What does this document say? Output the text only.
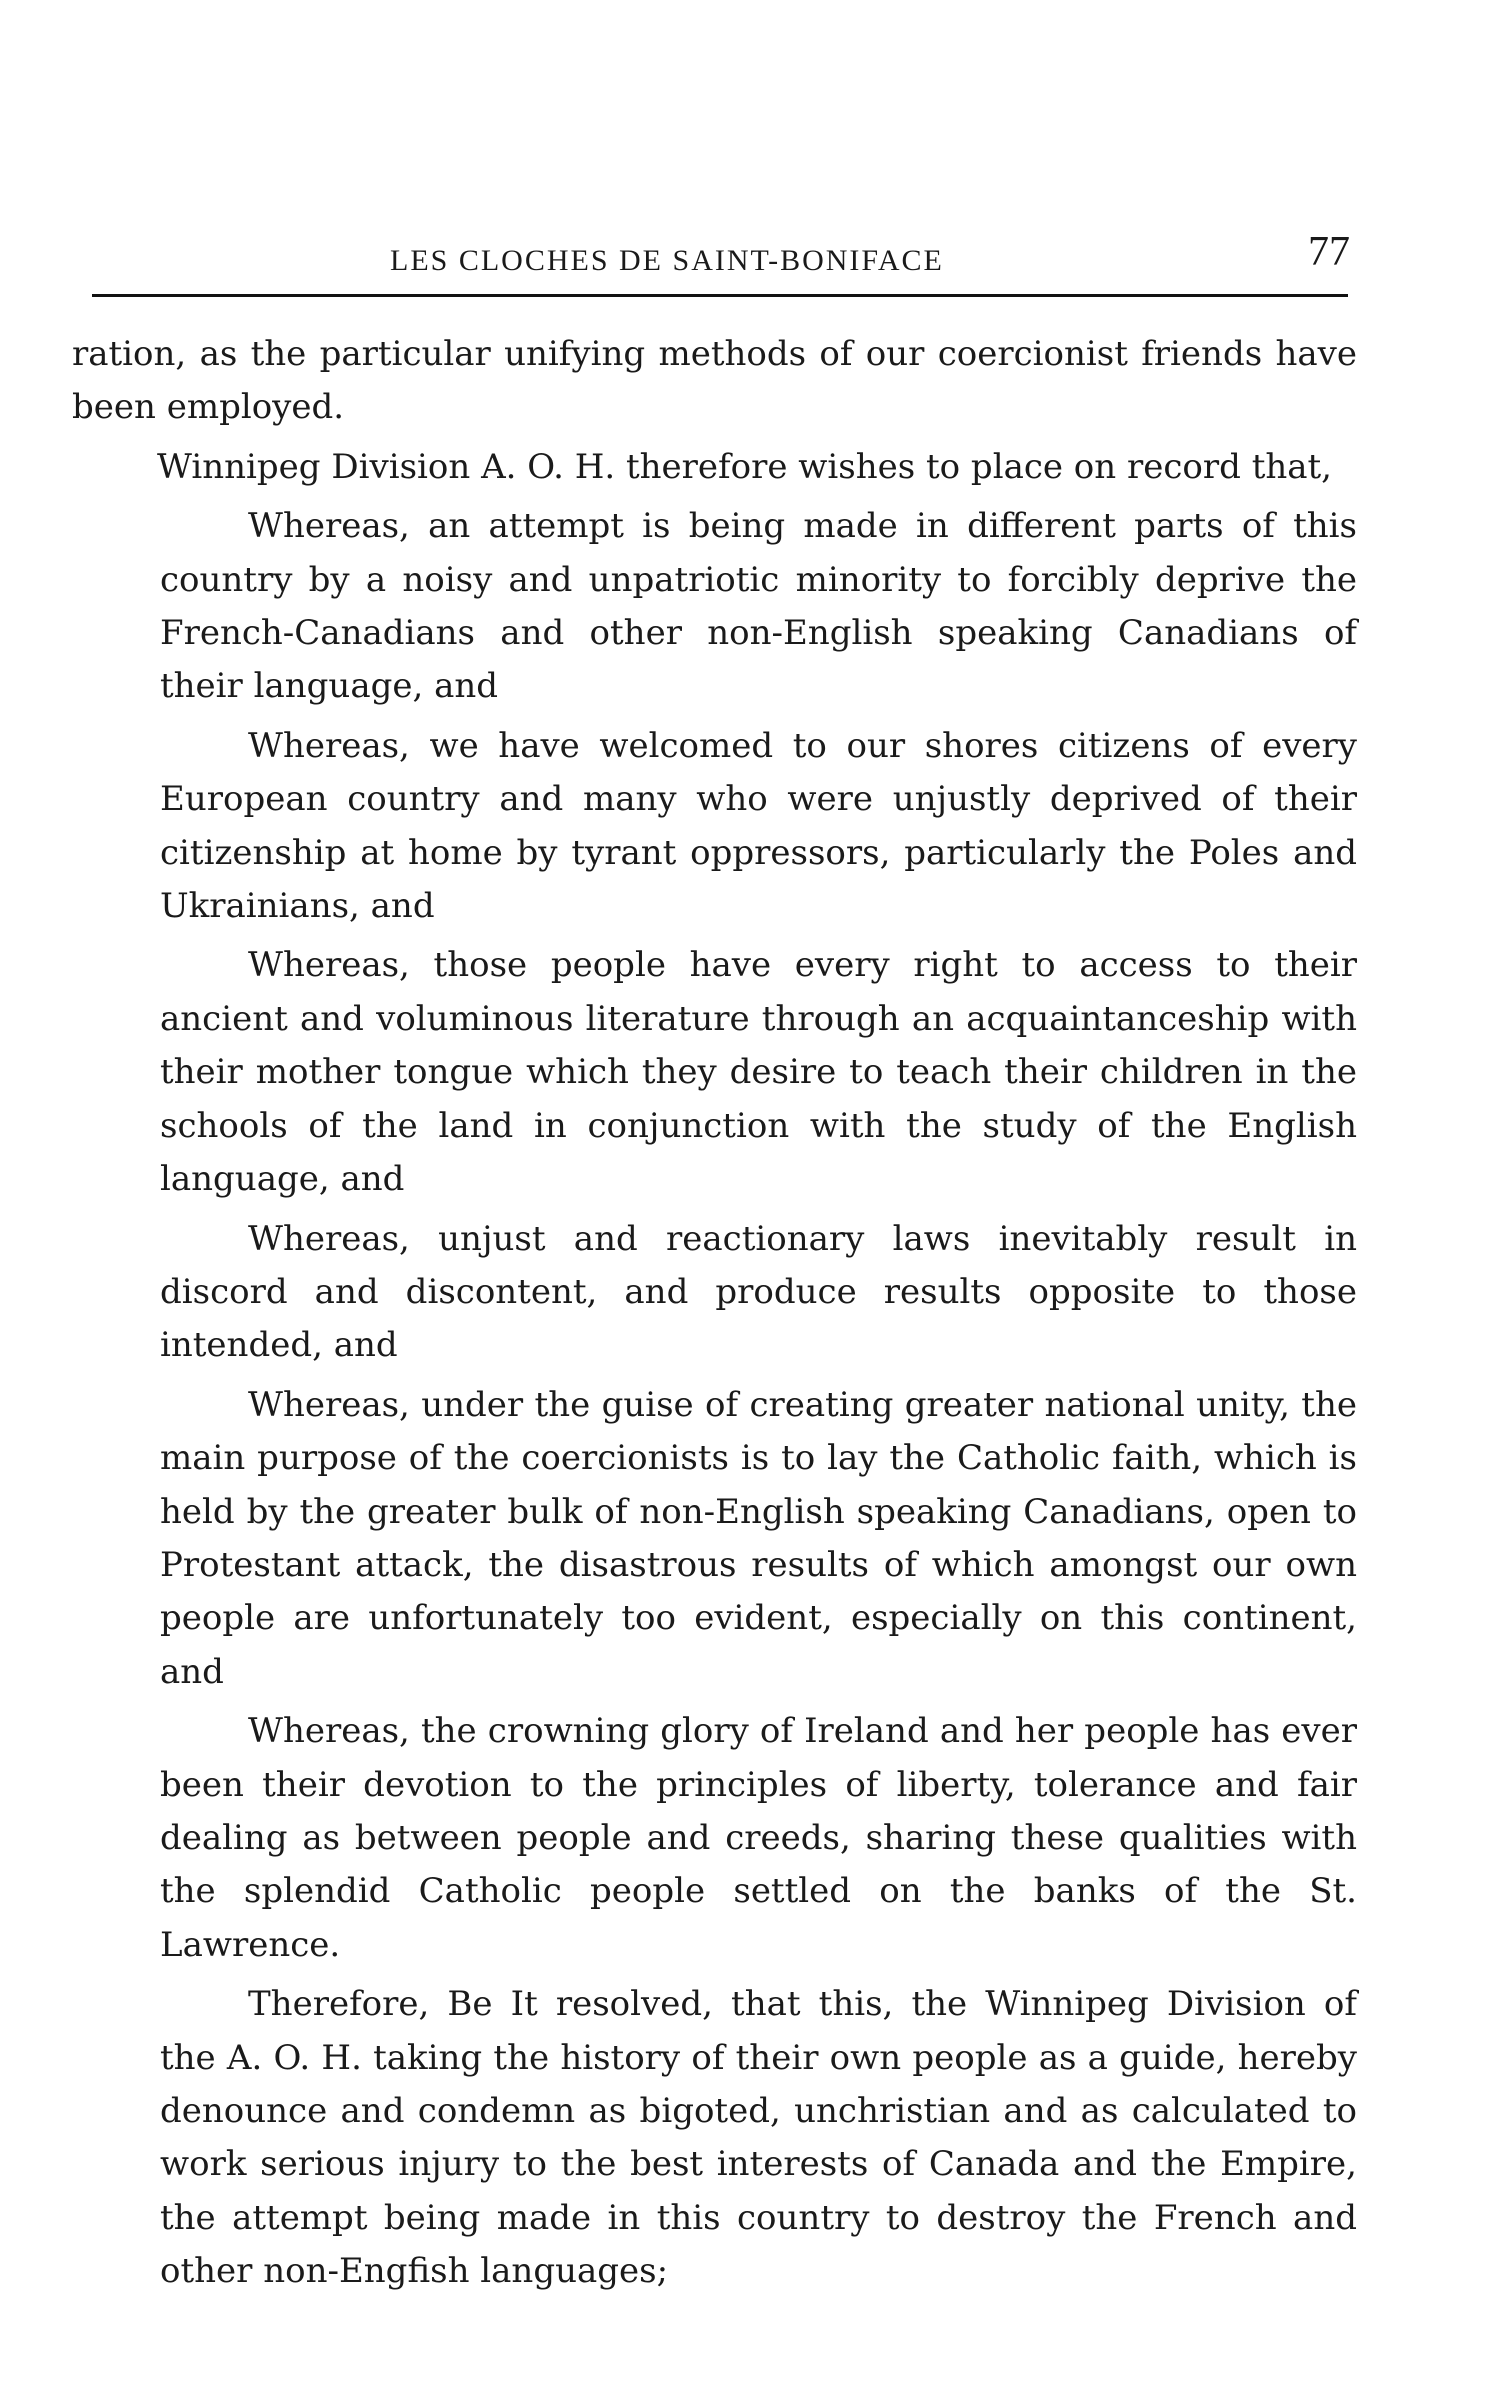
LES CLOCHES DE SAINT-BONIFACE	77

ration, as the particular unifying methods of our coercionist friends have been employed.

Winnipeg Division A. O. H. therefore wishes to place on record that,

Whereas, an attempt is being made in different parts of this country by a noisy and unpatriotic minority to forcibly deprive the French-Canadians and other non-English speaking Canadians of their language, and

Whereas, we have welcomed to our shores citizens of every European country and many who were unjustly deprived of their citizenship at home by tyrant oppressors, particularly the Poles and Ukrainians, and

Whereas, those people have every right to access to their ancient and voluminous literature through an acquaintanceship with their mother tongue which they desire to teach their children in the schools of the land in conjunction with the study of the English language, and

Whereas, unjust and reactionary laws inevitably result in discord and discontent, and produce results opposite to those intended, and

Whereas, under the guise of creating greater national unity, the main purpose of the coercionists is to lay the Catholic faith, which is held by the greater bulk of non-English speaking Canadians, open to Protestant attack, the disastrous results of which amongst our own people are unfortunately too evident, especially on this continent, and

Whereas, the crowning glory of Ireland and her people has ever been their devotion to the principles of liberty, tolerance and fair dealing as between people and creeds, sharing these qualities with the splendid Catholic people settled on the banks of the St. Lawrence.

Therefore, Be It resolved, that this, the Winnipeg Division of the A. O. H. taking the history of their own people as a guide, hereby denounce and condemn as bigoted, unchristian and as calculated to work serious injury to the best interests of Canada and the Empire, the attempt being made in this country to destroy the French and other non-Engfish languages;
